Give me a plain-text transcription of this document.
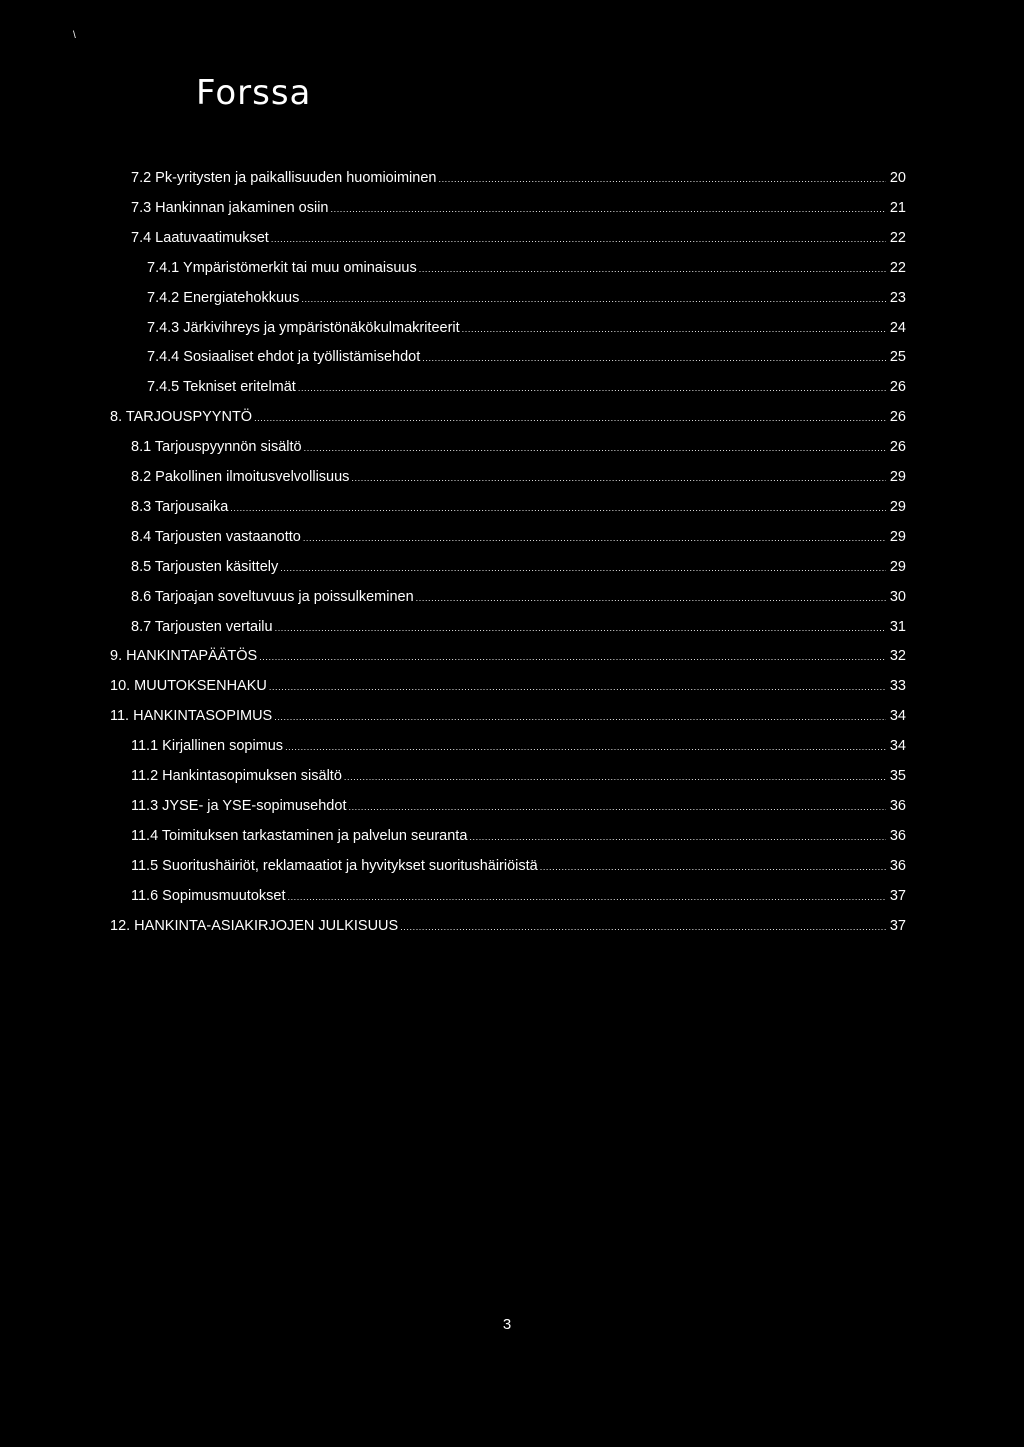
\
Forssa
7.2 Pk-yritysten ja paikallisuuden huomioiminen .....	20
7.3 Hankinnan jakaminen osiin .....	21
7.4 Laatuvaatimukset .....	22
7.4.1 Ympäristömerkit tai muu ominaisuus .....	22
7.4.2 Energiatehokkuus .....	23
7.4.3 Järkivihreys ja ympäristönäkökulmakriteerit .....	24
7.4.4 Sosiaaliset ehdot ja työllistämisehdot .....	25
7.4.5 Tekniset eritelmät .....	26
8. TARJOUSPYYNTÖ .....	26
8.1 Tarjouspyynnön sisältö .....	26
8.2 Pakollinen ilmoitusvelvollisuus .....	29
8.3 Tarjousaika .....	29
8.4 Tarjousten vastaanotto .....	29
8.5 Tarjousten käsittely .....	29
8.6 Tarjoajan soveltuvuus ja poissulkeminen .....	30
8.7 Tarjousten vertailu .....	31
9. HANKINTAPÄÄTÖS .....	32
10. MUUTOKSENHAKU .....	33
11. HANKINTASOPIMUS .....	34
11.1 Kirjallinen sopimus .....	34
11.2 Hankintasopimuksen sisältö .....	35
11.3 JYSE- ja YSE-sopimusehdot .....	36
11.4 Toimituksen tarkastaminen ja palvelun seuranta .....	36
11.5 Suoritushäiriöt, reklamaatiot ja hyvitykset suoritushäiriöistä .....	36
11.6 Sopimusmuutokset .....	37
12. HANKINTA-ASIAKIRJOJEN JULKISUUS .....	37
3
